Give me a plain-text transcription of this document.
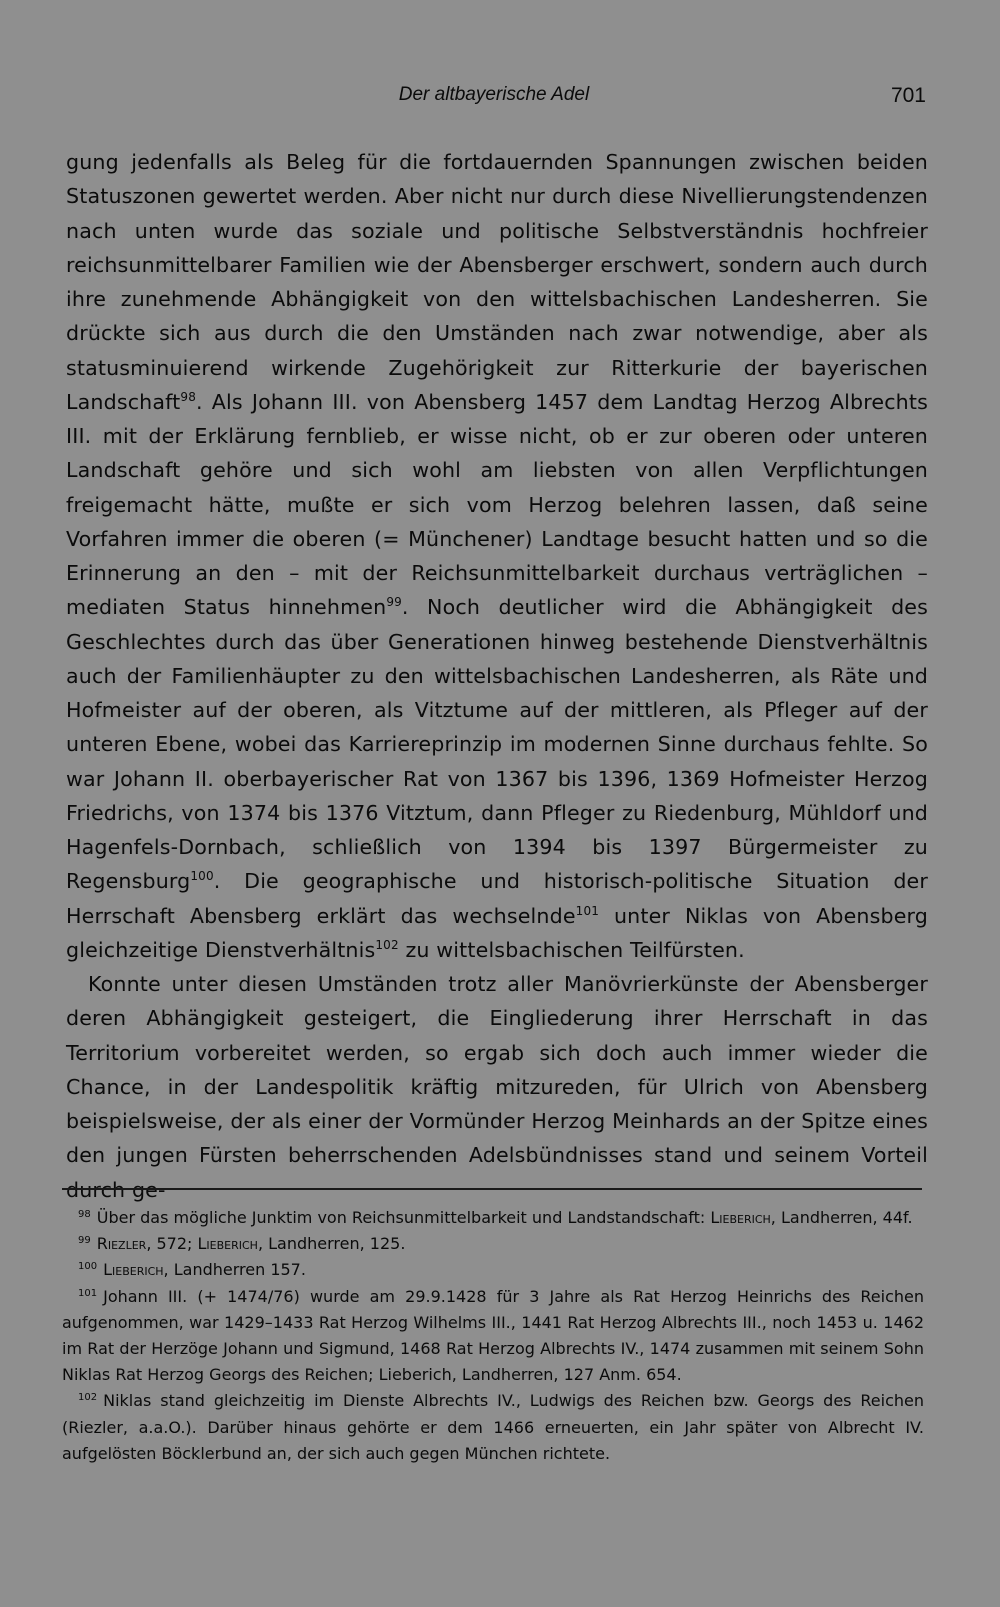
Der altbayerische Adel	701

gung jedenfalls als Beleg für die fortdauernden Spannungen zwischen beiden Statuszonen gewertet werden. Aber nicht nur durch diese Nivellierungstendenzen nach unten wurde das soziale und politische Selbstverständnis hochfreier reichsunmittelbarer Familien wie der Abensberger erschwert, sondern auch durch ihre zunehmende Abhängigkeit von den wittelsbachischen Landesherren. Sie drückte sich aus durch die den Umständen nach zwar notwendige, aber als statusminuierend wirkende Zugehörigkeit zur Ritterkurie der bayerischen Landschaft$^{98}$. Als Johann III. von Abensberg 1457 dem Landtag Herzog Albrechts III. mit der Erklärung fernblieb, er wisse nicht, ob er zur oberen oder unteren Landschaft gehöre und sich wohl am liebsten von allen Verpflichtungen freigemacht hätte, mußte er sich vom Herzog belehren lassen, daß seine Vorfahren immer die oberen (= Münchener) Landtage besucht hatten und so die Erinnerung an den – mit der Reichsunmittelbarkeit durchaus verträglichen – mediaten Status hinnehmen$^{99}$. Noch deutlicher wird die Abhängigkeit des Geschlechtes durch das über Generationen hinweg bestehende Dienstverhältnis auch der Familienhäupter zu den wittelsbachischen Landesherren, als Räte und Hofmeister auf der oberen, als Vitztume auf der mittleren, als Pfleger auf der unteren Ebene, wobei das Karriereprinzip im modernen Sinne durchaus fehlte. So war Johann II. oberbayerischer Rat von 1367 bis 1396, 1369 Hofmeister Herzog Friedrichs, von 1374 bis 1376 Vitztum, dann Pfleger zu Riedenburg, Mühldorf und Hagenfels-Dornbach, schließlich von 1394 bis 1397 Bürgermeister zu Regensburg$^{100}$. Die geographische und historisch-politische Situation der Herrschaft Abensberg erklärt das wechselnde$^{101}$ unter Niklas von Abensberg gleichzeitige Dienstverhältnis$^{102}$ zu wittelsbachischen Teilfürsten.

Konnte unter diesen Umständen trotz aller Manövrierkünste der Abensberger deren Abhängigkeit gesteigert, die Eingliederung ihrer Herrschaft in das Territorium vorbereitet werden, so ergab sich doch auch immer wieder die Chance, in der Landespolitik kräftig mitzureden, für Ulrich von Abensberg beispielsweise, der als einer der Vormünder Herzog Meinhards an der Spitze eines den jungen Fürsten beherrschenden Adelsbündnisses stand und seinem Vorteil durch ge-

$^{98}$ Über das mögliche Junktim von Reichsunmittelbarkeit und Landstandschaft: Lieberich, Landherren, 44f.

$^{99}$ Riezler, 572; Lieberich, Landherren, 125.

$^{100}$ Lieberich, Landherren 157.

$^{101}$ Johann III. (+ 1474/76) wurde am 29.9.1428 für 3 Jahre als Rat Herzog Heinrichs des Reichen aufgenommen, war 1429–1433 Rat Herzog Wilhelms III., 1441 Rat Herzog Albrechts III., noch 1453 u. 1462 im Rat der Herzöge Johann und Sigmund, 1468 Rat Herzog Albrechts IV., 1474 zusammen mit seinem Sohn Niklas Rat Herzog Georgs des Reichen; Lieberich, Landherren, 127 Anm. 654.

$^{102}$ Niklas stand gleichzeitig im Dienste Albrechts IV., Ludwigs des Reichen bzw. Georgs des Reichen (Riezler, a.a.O.). Darüber hinaus gehörte er dem 1466 erneuerten, ein Jahr später von Albrecht IV. aufgelösten Böcklerbund an, der sich auch gegen München richtete.
